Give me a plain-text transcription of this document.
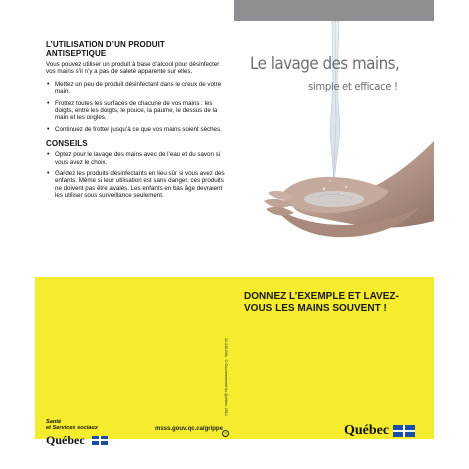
Le lavage des mains,
simple et efficace !
DONNEZ L’EXEMPLE ET LAVEZ-VOUS LES MAINS SOUVENT !
L’UTILISATION D’UN PRODUIT
ANTISEPTIQUE

Vous pouvez utiliser un produit à base d’alcool pour désinfecter vos mains s’il n’y a pas de saleté apparente sur elles.

• Mettez un peu de produit désinfectant dans le creux de votre main.
• Frottez toutes les surfaces de chacune de vos mains : les doigts, entre les doigts, le pouce, la paume, le dessus de la main et les ongles.
• Continuez de frotter jusqu’à ce que vos mains soient sèches.
CONSEILS
• Optez pour le lavage des mains avec de l’eau et du savon si vous avez le choix.
• Gardez les produits désinfectants en lieu sûr si vous avez des enfants. Même si leur utilisation est sans danger, ces produits ne doivent pas être avalés. Les enfants en bas âge devraient les utiliser sous surveillance seulement.
12-210-03A   © Gouvernement du Québec, 2012
c
Santé
et Services sociaux
Québec
msss.gouv.qc.ca/grippe	Québec
